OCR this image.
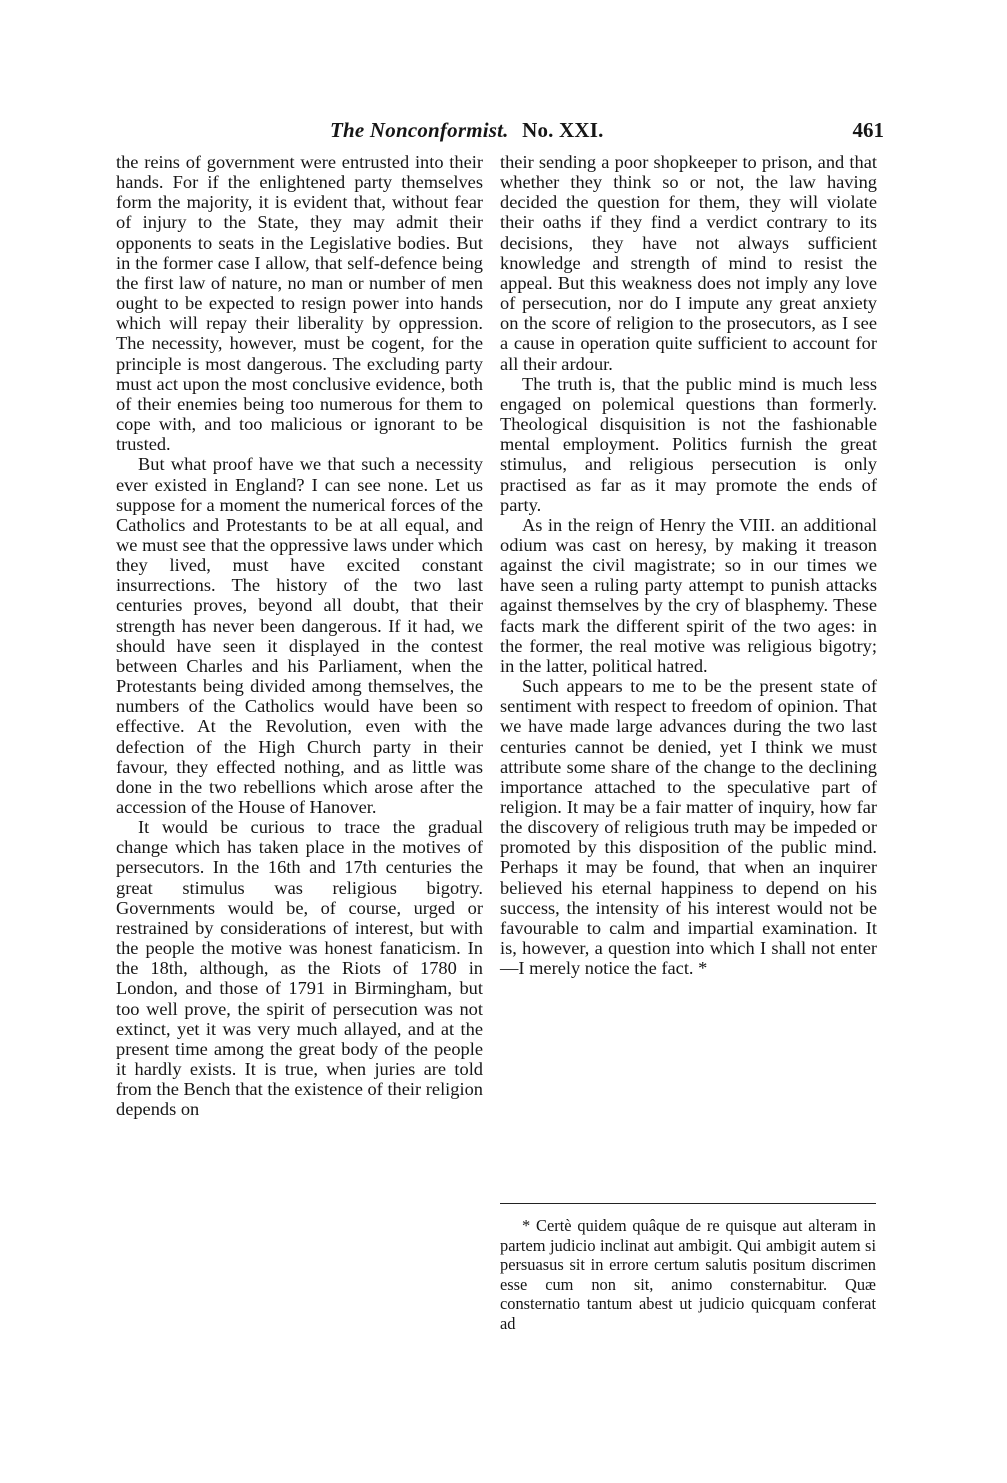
The Nonconformist. No. XXI.	461

the reins of government were entrusted into their hands. For if the enlightened party themselves form the majority, it is evident that, without fear of injury to the State, they may admit their opponents to seats in the Legislative bodies. But in the former case I allow, that self-defence being the first law of nature, no man or number of men ought to be expected to resign power into hands which will repay their liberality by oppression. The necessity, however, must be cogent, for the principle is most dangerous. The excluding party must act upon the most conclusive evidence, both of their enemies being too numerous for them to cope with, and too malicious or ignorant to be trusted.

But what proof have we that such a necessity ever existed in England? I can see none. Let us suppose for a moment the numerical forces of the Catholics and Protestants to be at all equal, and we must see that the oppressive laws under which they lived, must have excited constant insurrections. The history of the two last centuries proves, beyond all doubt, that their strength has never been dangerous. If it had, we should have seen it displayed in the contest between Charles and his Parliament, when the Protestants being divided among themselves, the numbers of the Catholics would have been so effective. At the Revolution, even with the defection of the High Church party in their favour, they effected nothing, and as little was done in the two rebellions which arose after the accession of the House of Hanover.

It would be curious to trace the gradual change which has taken place in the motives of persecutors. In the 16th and 17th centuries the great stimulus was religious bigotry. Governments would be, of course, urged or restrained by considerations of interest, but with the people the motive was honest fanaticism. In the 18th, although, as the Riots of 1780 in London, and those of 1791 in Birmingham, but too well prove, the spirit of persecution was not extinct, yet it was very much allayed, and at the present time among the great body of the people it hardly exists. It is true, when juries are told from the Bench that the existence of their religion depends on

their sending a poor shopkeeper to prison, and that whether they think so or not, the law having decided the question for them, they will violate their oaths if they find a verdict contrary to its decisions, they have not always sufficient knowledge and strength of mind to resist the appeal. But this weakness does not imply any love of persecution, nor do I impute any great anxiety on the score of religion to the prosecutors, as I see a cause in operation quite sufficient to account for all their ardour.

The truth is, that the public mind is much less engaged on polemical questions than formerly. Theological disquisition is not the fashionable mental employment. Politics furnish the great stimulus, and religious persecution is only practised as far as it may promote the ends of party.

As in the reign of Henry the VIII. an additional odium was cast on heresy, by making it treason against the civil magistrate; so in our times we have seen a ruling party attempt to punish attacks against themselves by the cry of blasphemy. These facts mark the different spirit of the two ages: in the former, the real motive was religious bigotry; in the latter, political hatred.

Such appears to me to be the present state of sentiment with respect to freedom of opinion. That we have made large advances during the two last centuries cannot be denied, yet I think we must attribute some share of the change to the declining importance attached to the speculative part of religion. It may be a fair matter of inquiry, how far the discovery of religious truth may be impeded or promoted by this disposition of the public mind. Perhaps it may be found, that when an inquirer believed his eternal happiness to depend on his success, the intensity of his interest would not be favourable to calm and impartial examination. It is, however, a question into which I shall not enter—I merely notice the fact. *

* Certè quidem quâque de re quisque aut alteram in partem judicio inclinat aut ambigit. Qui ambigit autem si persuasus sit in errore certum salutis positum discrimen esse cum non sit, animo consternabitur. Quæ consternatio tantum abest ut judicio quicquam conferat ad
